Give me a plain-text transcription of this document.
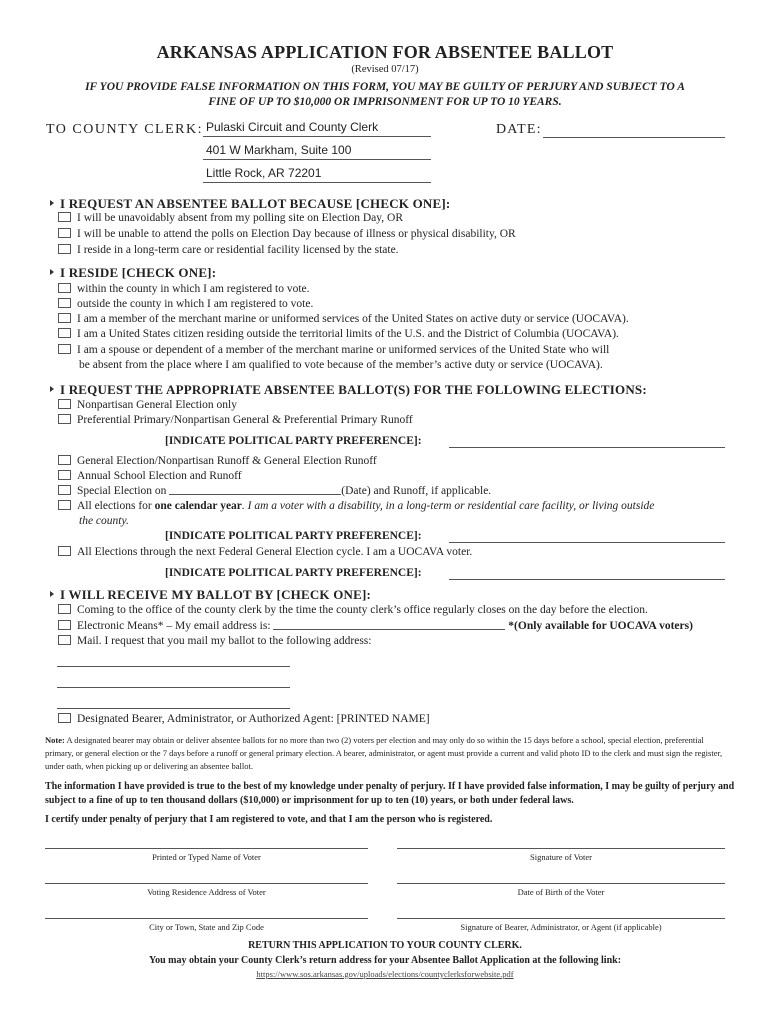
ARKANSAS APPLICATION FOR ABSENTEE BALLOT
(Revised 07/17)
IF YOU PROVIDE FALSE INFORMATION ON THIS FORM, YOU MAY BE GUILTY OF PERJURY AND SUBJECT TO A
FINE OF UP TO $10,000 OR IMPRISONMENT FOR UP TO 10 YEARS.
TO COUNTY CLERK: Pulaski Circuit and County Clerk
401 W Markham, Suite 100
Little Rock, AR 72201
DATE:
I REQUEST AN ABSENTEE BALLOT BECAUSE [CHECK ONE]:
I will be unavoidably absent from my polling site on Election Day, OR
I will be unable to attend the polls on Election Day because of illness or physical disability, OR
I reside in a long-term care or residential facility licensed by the state.
I RESIDE [CHECK ONE]:
within the county in which I am registered to vote.
outside the county in which I am registered to vote.
I am a member of the merchant marine or uniformed services of the United States on active duty or service (UOCAVA).
I am a United States citizen residing outside the territorial limits of the U.S. and the District of Columbia (UOCAVA).
I am a spouse or dependent of a member of the merchant marine or uniformed services of the United State who will
be absent from the place where I am qualified to vote because of the member’s active duty or service (UOCAVA).
I REQUEST THE APPROPRIATE ABSENTEE BALLOT(S) FOR THE FOLLOWING ELECTIONS:
Nonpartisan General Election only
Preferential Primary/Nonpartisan General & Preferential Primary Runoff
[INDICATE POLITICAL PARTY PREFERENCE]:
General Election/Nonpartisan Runoff & General Election Runoff
Annual School Election and Runoff
Special Election on	(Date) and Runoff, if applicable.
All elections for one calendar year. I am a voter with a disability, in a long-term or residential care facility, or living outside
the county.
[INDICATE POLITICAL PARTY PREFERENCE]:
All Elections through the next Federal General Election cycle. I am a UOCAVA voter.
[INDICATE POLITICAL PARTY PREFERENCE]:
I WILL RECEIVE MY BALLOT BY [CHECK ONE]:
Coming to the office of the county clerk by the time the county clerk’s office regularly closes on the day before the election.
Electronic Means* – My email address is:	*(Only available for UOCAVA voters)
Mail. I request that you mail my ballot to the following address:
Designated Bearer, Administrator, or Authorized Agent: [PRINTED NAME]
Note: A designated bearer may obtain or deliver absentee ballots for no more than two (2) voters per election and may only do so within the 15 days before a school, special election, preferential primary, or general election or the 7 days before a runoff or general primary election. A bearer, administrator, or agent must provide a current and valid photo ID to the clerk and must sign the register, under oath, when picking up or delivering an absentee ballot.
The information I have provided is true to the best of my knowledge under penalty of perjury. If I have provided false information, I may be guilty of perjury and subject to a fine of up to ten thousand dollars ($10,000) or imprisonment for up to ten (10) years, or both under federal laws.
I certify under penalty of perjury that I am registered to vote, and that I am the person who is registered.
Printed or Typed Name of Voter	Signature of Voter
Voting Residence Address of Voter	Date of Birth of the Voter
City or Town, State and Zip Code	Signature of Bearer, Administrator, or Agent (if applicable)
RETURN THIS APPLICATION TO YOUR COUNTY CLERK.
You may obtain your County Clerk’s return address for your Absentee Ballot Application at the following link:
https://www.sos.arkansas.gov/uploads/elections/countyclerksforwebsite.pdf
